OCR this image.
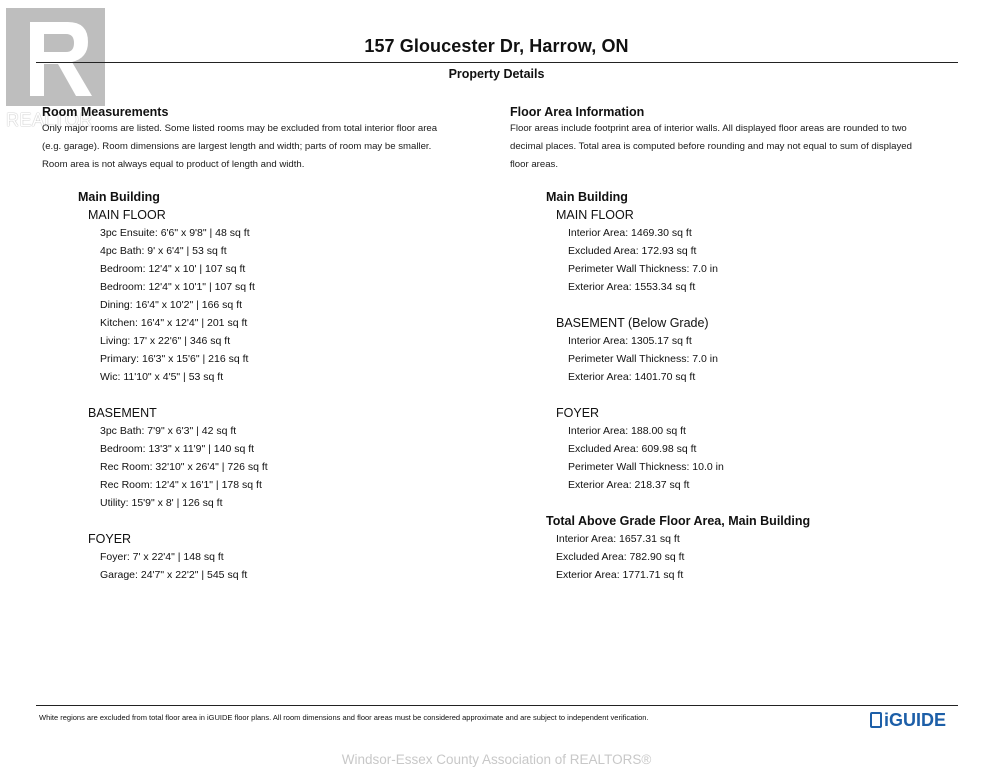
REALTOR
157 Gloucester Dr, Harrow, ON
Property Details
Room Measurements
Only major rooms are listed. Some listed rooms may be excluded from total interior floor area
(e.g. garage). Room dimensions are largest length and width; parts of room may be smaller.
Room area is not always equal to product of length and width.
Main Building
MAIN FLOOR
3pc Ensuite: 6'6" x 9'8" | 48 sq ft
4pc Bath: 9' x 6'4" | 53 sq ft
Bedroom: 12'4" x 10' | 107 sq ft
Bedroom: 12'4" x 10'1" | 107 sq ft
Dining: 16'4" x 10'2" | 166 sq ft
Kitchen: 16'4" x 12'4" | 201 sq ft
Living: 17' x 22'6" | 346 sq ft
Primary: 16'3" x 15'6" | 216 sq ft
Wic: 11'10" x 4'5" | 53 sq ft
BASEMENT
3pc Bath: 7'9" x 6'3" | 42 sq ft
Bedroom: 13'3" x 11'9" | 140 sq ft
Rec Room: 32'10" x 26'4" | 726 sq ft
Rec Room: 12'4" x 16'1" | 178 sq ft
Utility: 15'9" x 8' | 126 sq ft
FOYER
Foyer: 7' x 22'4" | 148 sq ft
Garage: 24'7" x 22'2" | 545 sq ft
Floor Area Information
Floor areas include footprint area of interior walls. All displayed floor areas are rounded to two
decimal places. Total area is computed before rounding and may not equal to sum of displayed
floor areas.
Main Building
MAIN FLOOR
Interior Area: 1469.30 sq ft
Excluded Area: 172.93 sq ft
Perimeter Wall Thickness: 7.0 in
Exterior Area: 1553.34 sq ft
BASEMENT (Below Grade)
Interior Area: 1305.17 sq ft
Perimeter Wall Thickness: 7.0 in
Exterior Area: 1401.70 sq ft
FOYER
Interior Area: 188.00 sq ft
Excluded Area: 609.98 sq ft
Perimeter Wall Thickness: 10.0 in
Exterior Area: 218.37 sq ft
Total Above Grade Floor Area, Main Building
Interior Area: 1657.31 sq ft
Excluded Area: 782.90 sq ft
Exterior Area: 1771.71 sq ft
White regions are excluded from total floor area in iGUIDE floor plans. All room dimensions and floor areas must be considered approximate and are subject to independent verification.	iGUIDE
Windsor-Essex County Association of REALTORS®
